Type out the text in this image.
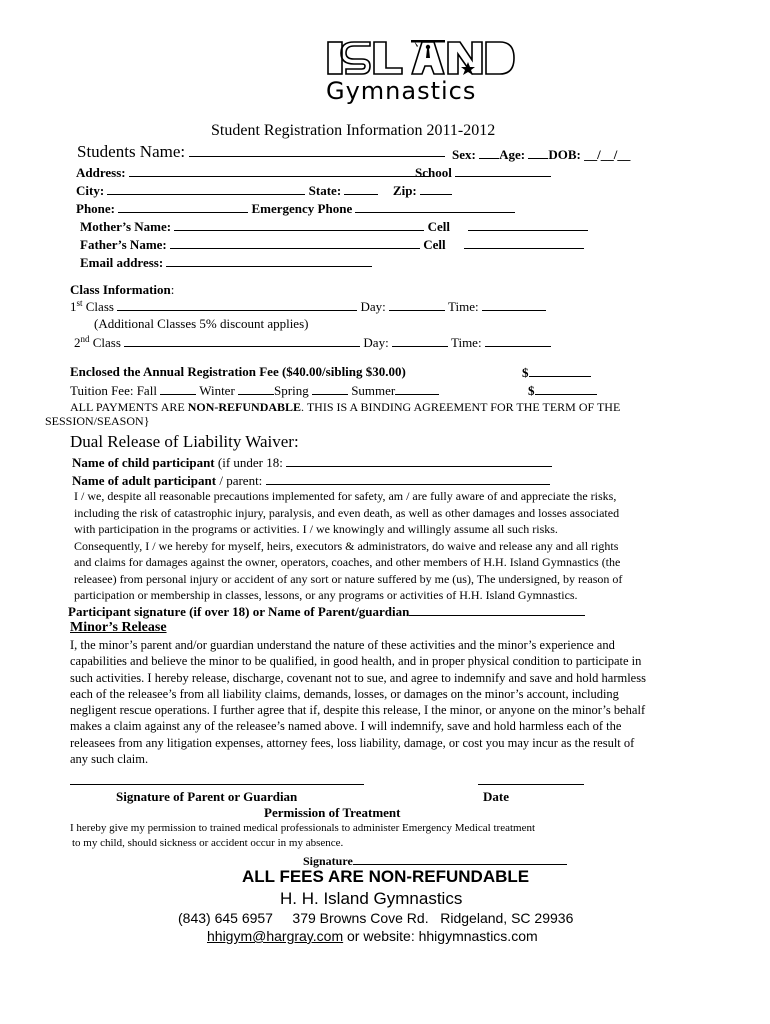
Gymnastics
Student Registration Information 2011-2012
Students Name:	Sex: Age: DOB: __/__/__
Address:	School
City:	State:	Zip:
Phone:	Emergency Phone
Mother’s Name:	Cell
Father’s Name:	Cell
Email address:
Class Information:
1st Class	Day:	Time:
(Additional Classes 5% discount applies)
2nd Class	Day:	Time:
Enclosed the Annual Registration Fee ($40.00/sibling $30.00)	$
Tuition Fee: Fall	Winter	Spring	Summer	$
ALL PAYMENTS ARE NON-REFUNDABLE. THIS IS A BINDING AGREEMENT FOR THE TERM OF THE
SESSION/SEASON}
Dual Release of Liability Waiver:
Name of child participant (if under 18:
Name of adult participant / parent:
I / we, despite all reasonable precautions implemented for safety, am / are fully aware of and appreciate the risks,
including the risk of catastrophic injury, paralysis, and even death, as well as other damages and losses associated
with participation in the programs or activities. I / we knowingly and willingly assume all such risks.
Consequently, I / we hereby for myself, heirs, executors & administrators, do waive and release any and all rights
and claims for damages against the owner, operators, coaches, and other members of H.H. Island Gymnastics (the
releasee) from personal injury or accident of any sort or nature suffered by me (us), The undersigned, by reason of
participation or membership in classes, lessons, or any programs or activities of H.H. Island Gymnastics.
Participant signature (if over 18) or Name of Parent/guardian
Minor’s Release
I, the minor’s parent and/or guardian understand the nature of these activities and the minor’s experience and
capabilities and believe the minor to be qualified, in good health, and in proper physical condition to participate in
such activities. I hereby release, discharge, covenant not to sue, and agree to indemnify and save and hold harmless
each of the releasee’s from all liability claims, demands, losses, or damages on the minor’s account, including
negligent rescue operations. I further agree that if, despite this release, I the minor, or anyone on the minor’s behalf
makes a claim against any of the releasee’s named above. I will indemnify, save and hold harmless each of the
releasees from any litigation expenses, attorney fees, loss liability, damage, or cost you may incur as the result of
any such claim.
Signature of Parent or Guardian	Date
Permission of Treatment
I hereby give my permission to trained medical professionals to administer Emergency Medical treatment
to my child, should sickness or accident occur in my absence.
Signature
ALL FEES ARE NON-REFUNDABLE
H. H. Island Gymnastics
(843) 645 6957     379 Browns Cove Rd.   Ridgeland, SC 29936
hhigym@hargray.com or website: hhigymnastics.com
